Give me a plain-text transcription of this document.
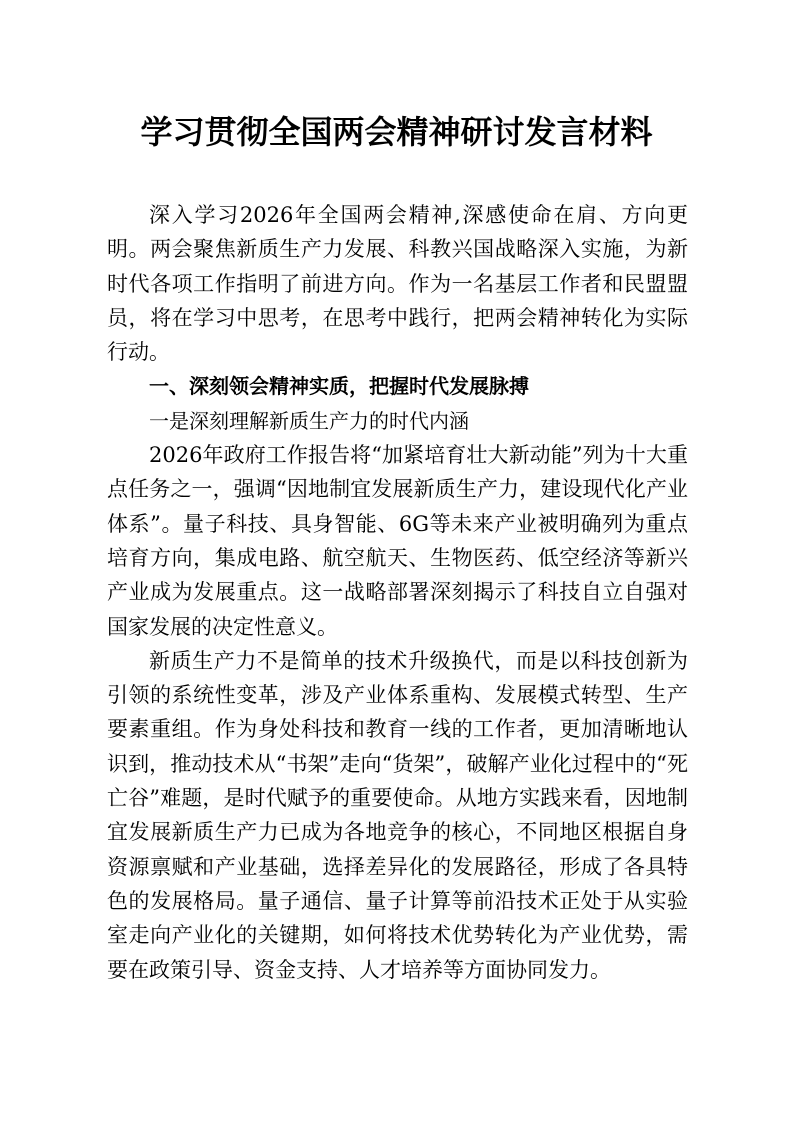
学习贯彻全国两会精神研讨发言材料

深入学习2026年全国两会精神,深感使命在肩、方向更明。两会聚焦新质生产力发展、科教兴国战略深入实施，为新时代各项工作指明了前进方向。作为一名基层工作者和民盟盟员，将在学习中思考，在思考中践行，把两会精神转化为实际行动。

一、深刻领会精神实质，把握时代发展脉搏

一是深刻理解新质生产力的时代内涵

2026年政府工作报告将“加紧培育壮大新动能”列为十大重点任务之一，强调“因地制宜发展新质生产力，建设现代化产业体系”。量子科技、具身智能、6G等未来产业被明确列为重点培育方向，集成电路、航空航天、生物医药、低空经济等新兴产业成为发展重点。这一战略部署深刻揭示了科技自立自强对国家发展的决定性意义。

新质生产力不是简单的技术升级换代，而是以科技创新为引领的系统性变革，涉及产业体系重构、发展模式转型、生产要素重组。作为身处科技和教育一线的工作者，更加清晰地认识到，推动技术从“书架”走向“货架”，破解产业化过程中的“死亡谷”难题，是时代赋予的重要使命。从地方实践来看，因地制宜发展新质生产力已成为各地竞争的核心，不同地区根据自身资源禀赋和产业基础，选择差异化的发展路径，形成了各具特色的发展格局。量子通信、量子计算等前沿技术正处于从实验室走向产业化的关键期，如何将技术优势转化为产业优势，需要在政策引导、资金支持、人才培养等方面协同发力。
